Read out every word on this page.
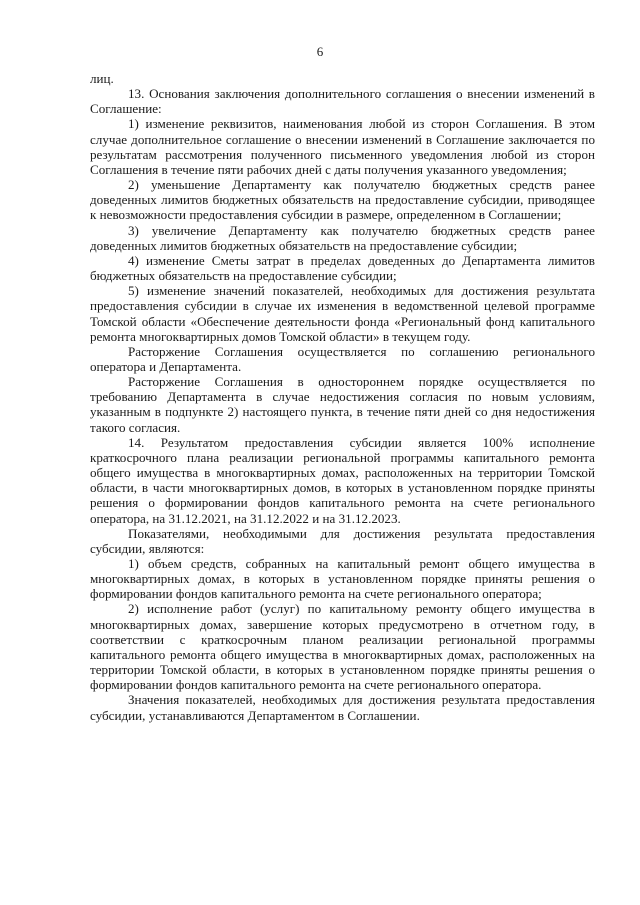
6

лиц.

13. Основания заключения дополнительного соглашения о внесении изменений в Соглашение:

1) изменение реквизитов, наименования любой из сторон Соглашения. В этом случае дополнительное соглашение о внесении изменений в Соглашение заключается по результатам рассмотрения полученного письменного уведомления любой из сторон Соглашения в течение пяти рабочих дней с даты получения указанного уведомления;

2) уменьшение Департаменту как получателю бюджетных средств ранее доведенных лимитов бюджетных обязательств на предоставление субсидии, приводящее к невозможности предоставления субсидии в размере, определенном в Соглашении;

3) увеличение Департаменту как получателю бюджетных средств ранее доведенных лимитов бюджетных обязательств на предоставление субсидии;

4) изменение Сметы затрат в пределах доведенных до Департамента лимитов бюджетных обязательств на предоставление субсидии;

5) изменение значений показателей, необходимых для достижения результата предоставления субсидии в случае их изменения в ведомственной целевой программе Томской области «Обеспечение деятельности фонда «Региональный фонд капитального ремонта многоквартирных домов Томской области» в текущем году.

Расторжение Соглашения осуществляется по соглашению регионального оператора и Департамента.

Расторжение Соглашения в одностороннем порядке осуществляется по требованию Департамента в случае недостижения согласия по новым условиям, указанным в подпункте 2) настоящего пункта, в течение пяти дней со дня недостижения такого согласия.

14. Результатом предоставления субсидии является 100% исполнение краткосрочного плана реализации региональной программы капитального ремонта общего имущества в многоквартирных домах, расположенных на территории Томской области, в части многоквартирных домов, в которых в установленном порядке приняты решения о формировании фондов капитального ремонта на счете регионального оператора, на 31.12.2021, на 31.12.2022 и на 31.12.2023.

Показателями, необходимыми для достижения результата предоставления субсидии, являются:

1) объем средств, собранных на капитальный ремонт общего имущества в многоквартирных домах, в которых в установленном порядке приняты решения о формировании фондов капитального ремонта на счете регионального оператора;

2) исполнение работ (услуг) по капитальному ремонту общего имущества в многоквартирных домах, завершение которых предусмотрено в отчетном году, в соответствии с краткосрочным планом реализации региональной программы капитального ремонта общего имущества в многоквартирных домах, расположенных на территории Томской области, в которых в установленном порядке приняты решения о формировании фондов капитального ремонта на счете регионального оператора.

Значения показателей, необходимых для достижения результата предоставления субсидии, устанавливаются Департаментом в Соглашении.
